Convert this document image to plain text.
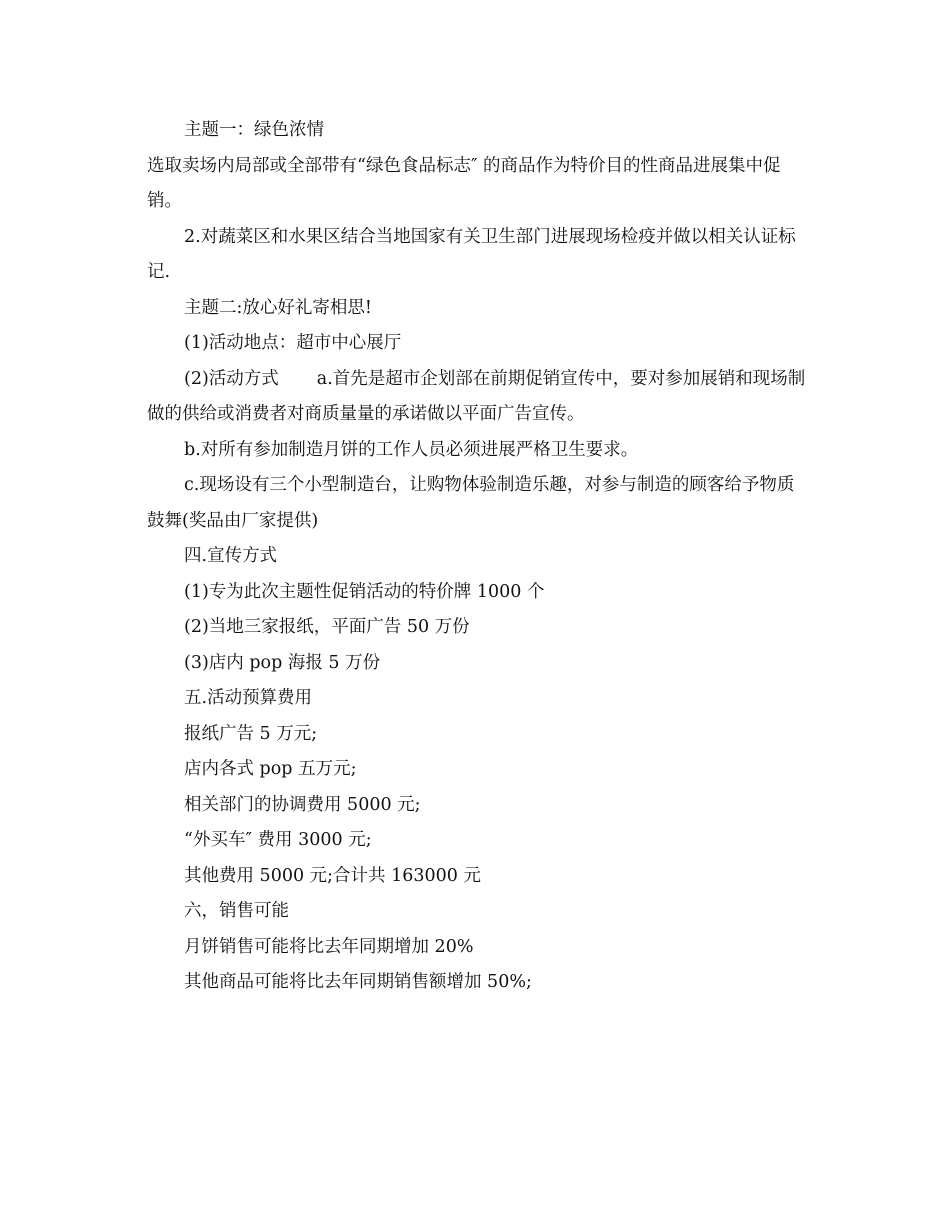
主题一：绿色浓情

选取卖场内局部或全部带有“绿色食品标志″ 的商品作为特价目的性商品进展集中促销。

2.对蔬菜区和水果区结合当地国家有关卫生部门进展现场检疫并做以相关认证标记.

主题二:放心好礼寄相思!

(1)活动地点：超市中心展厅

(2)活动方式 a.首先是超市企划部在前期促销宣传中，要对参加展销和现场制做的供给或消费者对商质量量的承诺做以平面广告宣传。

b.对所有参加制造月饼的工作人员必须进展严格卫生要求。

c.现场设有三个小型制造台，让购物体验制造乐趣，对参与制造的顾客给予物质鼓舞(奖品由厂家提供)

四.宣传方式

(1)专为此次主题性促销活动的特价牌 1000 个

(2)当地三家报纸，平面广告 50 万份

(3)店内 pop 海报 5 万份

五.活动预算费用

报纸广告 5 万元;

店内各式 pop 五万元;

相关部门的协调费用 5000 元;

“外买车″ 费用 3000 元;

其他费用 5000 元;合计共 163000 元

六，销售可能

月饼销售可能将比去年同期增加 20%

其他商品可能将比去年同期销售额增加 50%;
